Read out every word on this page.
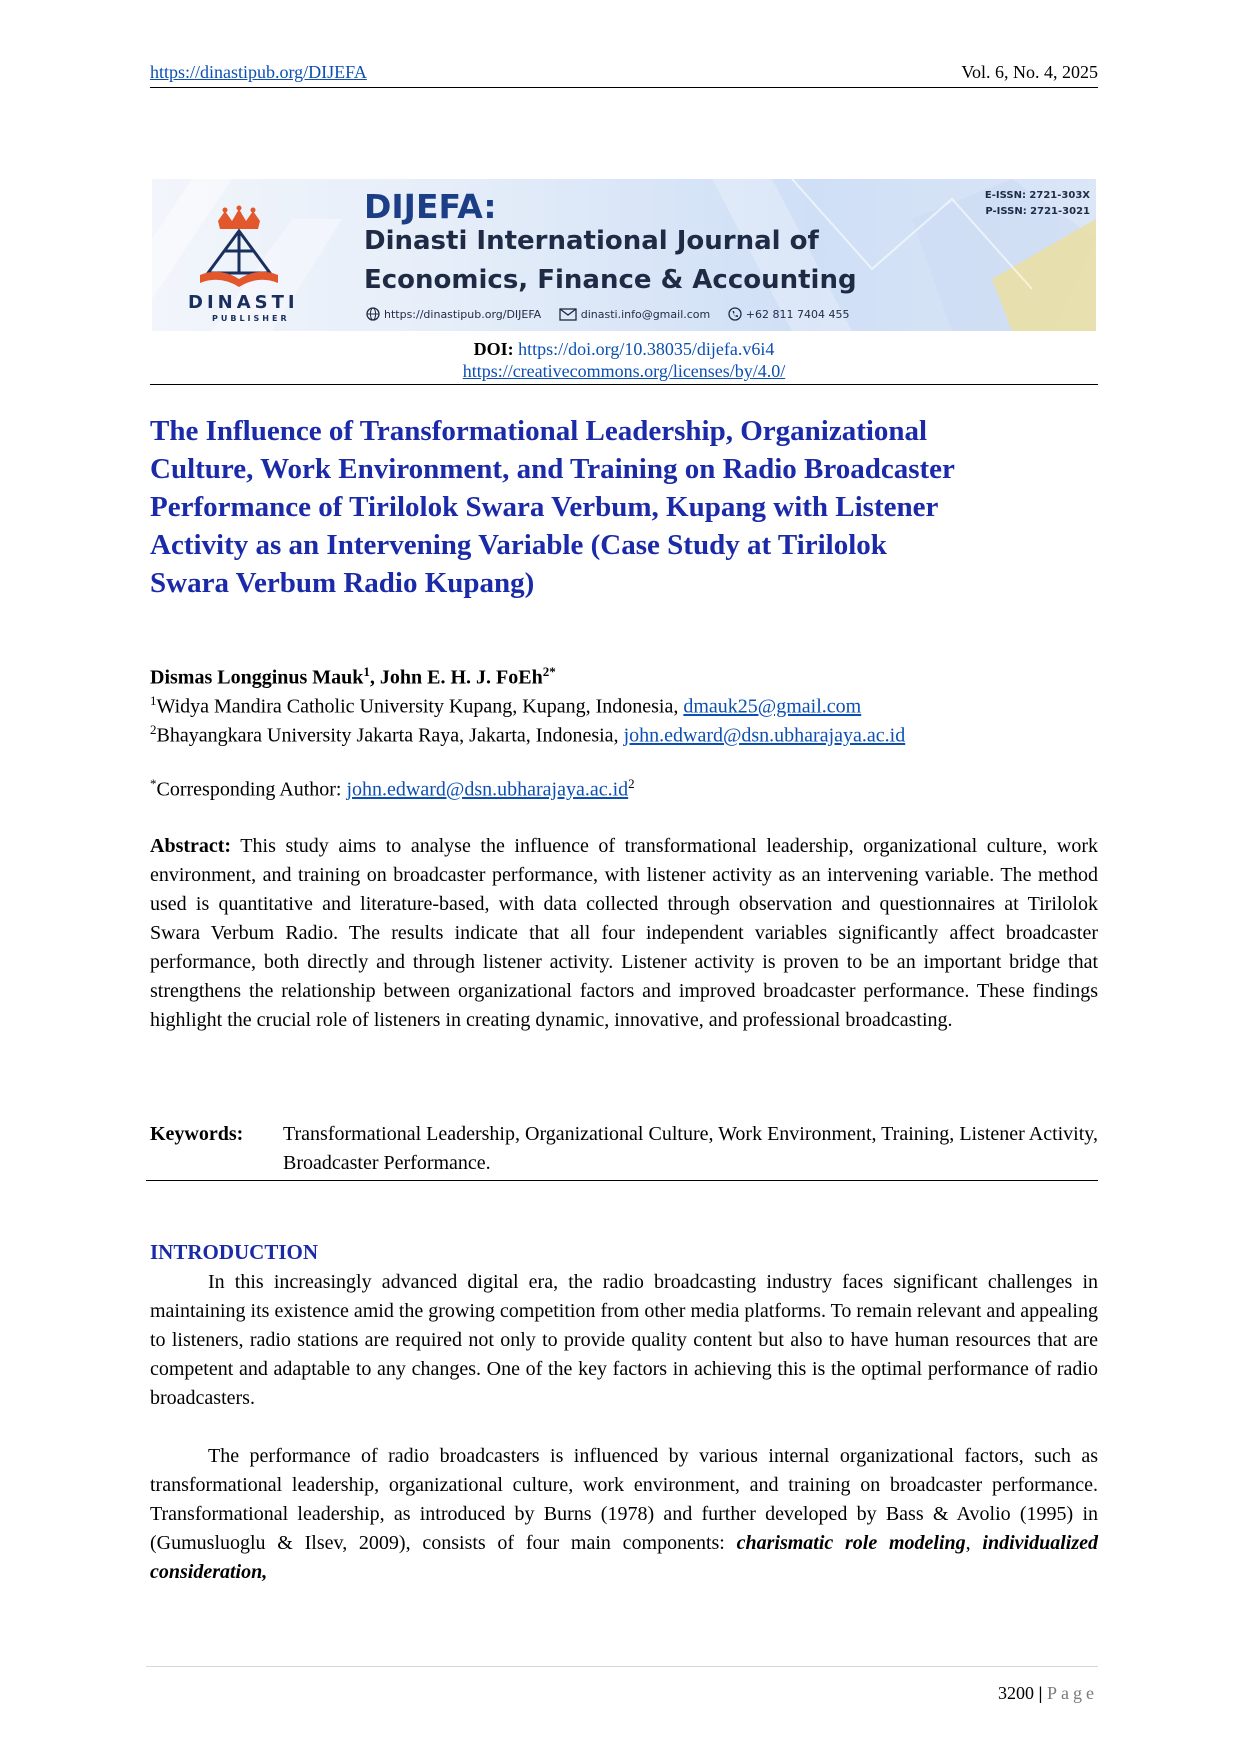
https://dinastipub.org/DIJEFA	Vol. 6, No. 4, 2025
DINASTI
PUBLISHER
DIJEFA:
Dinasti International Journal of
Economics, Finance & Accounting
E-ISSN: 2721-303X
P-ISSN: 2721-3021
https://dinastipub.org/DIJEFA	dinasti.info@gmail.com	+62 811 7404 455
DOI: https://doi.org/10.38035/dijefa.v6i4
https://creativecommons.org/licenses/by/4.0/
The Influence of Transformational Leadership, Organizational
Culture, Work Environment, and Training on Radio Broadcaster
Performance of Tirilolok Swara Verbum, Kupang with Listener
Activity as an Intervening Variable (Case Study at Tirilolok
Swara Verbum Radio Kupang)
Dismas Longginus Mauk$^1$, John E. H. J. FoEh$^{2*}$
$^1$Widya Mandira Catholic University Kupang, Kupang, Indonesia, dmauk25@gmail.com
$^2$Bhayangkara University Jakarta Raya, Jakarta, Indonesia, john.edward@dsn.ubharajaya.ac.id
*Corresponding Author: $john.edward@dsn.ubharajaya.ac.id^2$

Abstract: This study aims to analyse the influence of transformational leadership, organizational culture, work environment, and training on broadcaster performance, with listener activity as an intervening variable. The method used is quantitative and literature-based, with data collected through observation and questionnaires at Tirilolok Swara Verbum Radio. The results indicate that all four independent variables significantly affect broadcaster performance, both directly and through listener activity. Listener activity is proven to be an important bridge that strengthens the relationship between organizational factors and improved broadcaster performance. These findings highlight the crucial role of listeners in creating dynamic, innovative, and professional broadcasting.

Keywords: Transformational Leadership, Organizational Culture, Work Environment, Training, Listener Activity, Broadcaster Performance.
INTRODUCTION

In this increasingly advanced digital era, the radio broadcasting industry faces significant challenges in maintaining its existence amid the growing competition from other media platforms. To remain relevant and appealing to listeners, radio stations are required not only to provide quality content but also to have human resources that are competent and adaptable to any changes. One of the key factors in achieving this is the optimal performance of radio broadcasters.

The performance of radio broadcasters is influenced by various internal organizational factors, such as transformational leadership, organizational culture, work environment, and training on broadcaster performance. Transformational leadership, as introduced by Burns (1978) and further developed by Bass & Avolio (1995) in (Gumusluoglu & Ilsev, 2009), consists of four main components: charismatic role modeling, individualized consideration,

3200 | Page
